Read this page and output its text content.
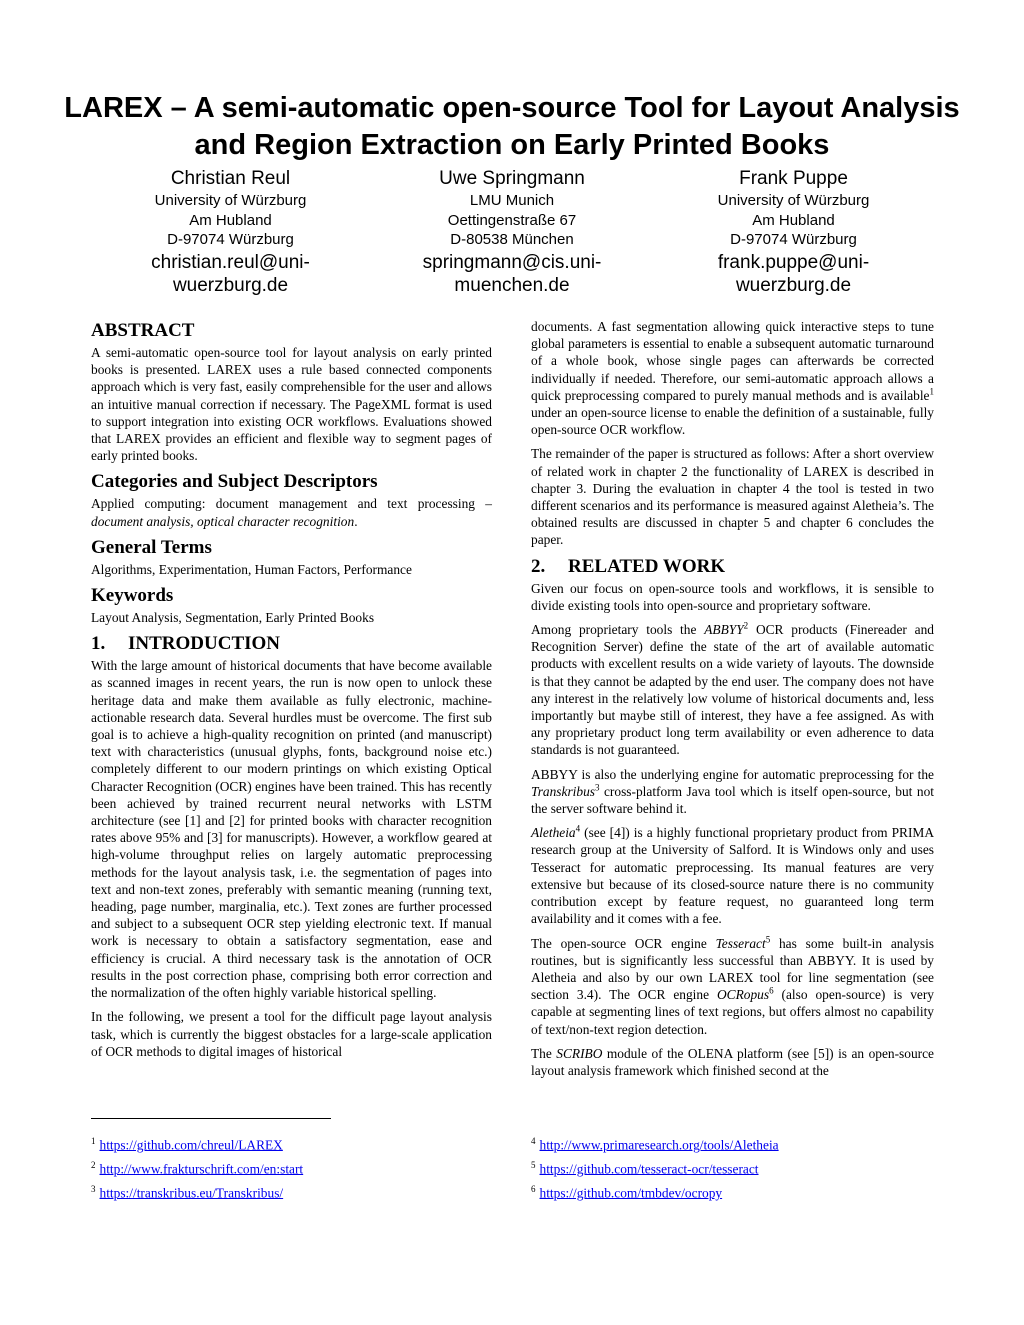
LAREX – A semi-automatic open-source Tool for Layout Analysis and Region Extraction on Early Printed Books
Christian Reul
University of Würzburg
Am Hubland
D-97074 Würzburg
christian.reul@uni-
wuerzburg.de
Uwe Springmann
LMU Munich
Oettingenstraße 67
D-80538 München
springmann@cis.uni-
muenchen.de
Frank Puppe
University of Würzburg
Am Hubland
D-97074 Würzburg
frank.puppe@uni-
wuerzburg.de
ABSTRACT

A semi-automatic open-source tool for layout analysis on early printed books is presented. LAREX uses a rule based connected components approach which is very fast, easily comprehensible for the user and allows an intuitive manual correction if necessary. The PageXML format is used to support integration into existing OCR workflows. Evaluations showed that LAREX provides an efficient and flexible way to segment pages of early printed books.

Categories and Subject Descriptors

Applied computing: document management and text processing – document analysis, optical character recognition.

General Terms

Algorithms, Experimentation, Human Factors, Performance

Keywords

Layout Analysis, Segmentation, Early Printed Books

1. INTRODUCTION

With the large amount of historical documents that have become available as scanned images in recent years, the run is now open to unlock these heritage data and make them available as fully electronic, machine-actionable research data. Several hurdles must be overcome. The first sub goal is to achieve a high-quality recognition on printed (and manuscript) text with characteristics (unusual glyphs, fonts, background noise etc.) completely different to our modern printings on which existing Optical Character Recognition (OCR) engines have been trained. This has recently been achieved by trained recurrent neural networks with LSTM architecture (see [1] and [2] for printed books with character recognition rates above 95% and [3] for manuscripts). However, a workflow geared at high-volume throughput relies on largely automatic preprocessing methods for the layout analysis task, i.e. the segmentation of pages into text and non-text zones, preferably with semantic meaning (running text, heading, page number, marginalia, etc.). Text zones are further processed and subject to a subsequent OCR step yielding electronic text. If manual work is necessary to obtain a satisfactory segmentation, ease and efficiency is crucial. A third necessary task is the annotation of OCR results in the post correction phase, comprising both error correction and the normalization of the often highly variable historical spelling.

In the following, we present a tool for the difficult page layout analysis task, which is currently the biggest obstacles for a large-scale application of OCR methods to digital images of historical

documents. A fast segmentation allowing quick interactive steps to tune global parameters is essential to enable a subsequent automatic turnaround of a whole book, whose single pages can afterwards be corrected individually if needed. Therefore, our semi-automatic approach allows a quick preprocessing compared to purely manual methods and is available$^1$ under an open-source license to enable the definition of a sustainable, fully open-source OCR workflow.

The remainder of the paper is structured as follows: After a short overview of related work in chapter 2 the functionality of LAREX is described in chapter 3. During the evaluation in chapter 4 the tool is tested in two different scenarios and its performance is measured against Aletheia’s. The obtained results are discussed in chapter 5 and chapter 6 concludes the paper.

2. RELATED WORK

Given our focus on open-source tools and workflows, it is sensible to divide existing tools into open-source and proprietary software.

Among proprietary tools the ABBYY$^2$ OCR products (Finereader and Recognition Server) define the state of the art of available automatic products with excellent results on a wide variety of layouts. The downside is that they cannot be adapted by the end user. The company does not have any interest in the relatively low volume of historical documents and, less importantly but maybe still of interest, they have a fee assigned. As with any proprietary product long term availability or even adherence to data standards is not guaranteed.

ABBYY is also the underlying engine for automatic preprocessing for the Transkribus$^3$ cross-platform Java tool which is itself open-source, but not the server software behind it.

Aletheia$^4$ (see [4]) is a highly functional proprietary product from PRIMA research group at the University of Salford. It is Windows only and uses Tesseract for automatic preprocessing. Its manual features are very extensive but because of its closed-source nature there is no community contribution except by feature request, no guaranteed long term availability and it comes with a fee.

The open-source OCR engine Tesseract$^5$ has some built-in analysis routines, but is significantly less successful than ABBYY. It is used by Aletheia and also by our own LAREX tool for line segmentation (see section 3.4). The OCR engine OCRopus$^6$ (also open-source) is very capable at segmenting lines of text regions, but offers almost no capability of text/non-text region detection.

The SCRIBO module of the OLENA platform (see [5]) is an open-source layout analysis framework which finished second at the

$^1$ https://github.com/chreul/LAREX
$^2$ http://www.frakturschrift.com/en:start
$^3$ https://transkribus.eu/Transkribus/
$^4$ http://www.primaresearch.org/tools/Aletheia
$^5$ https://github.com/tesseract-ocr/tesseract
$^6$ https://github.com/tmbdev/ocropy
